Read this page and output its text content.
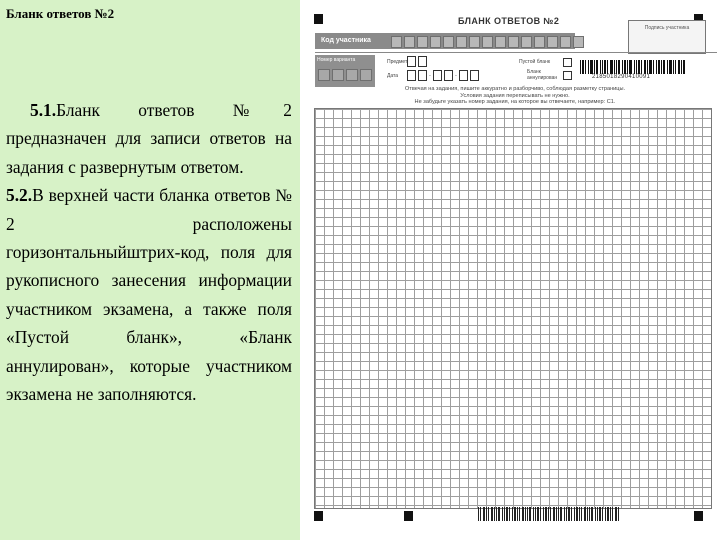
Бланк ответов №2

5.1.Бланк ответов №2 предназначен для записи ответов на задания с развернутым ответом.

5.2.В верхней части бланка ответов № 2 расположены горизонтальныйштрих-код, поля для рукописного занесения информации участником экзамена, а также поля «Пустой бланк», «Бланк аннулирован», которые участником экзамена не заполняются.

БЛАНК ОТВЕТОВ №2
Подпись участника
Код участника
Номер варианта	Предмет
Дата	.	.
Пустой бланк
Бланк аннулирован	2185018290410091
Отвечая на задания, пишите аккуратно и разборчиво, соблюдая разметку страницы.
Условия задания переписывать не нужно.
Не забудьте указать номер задания, на которое вы отвечаете, например: С1.
